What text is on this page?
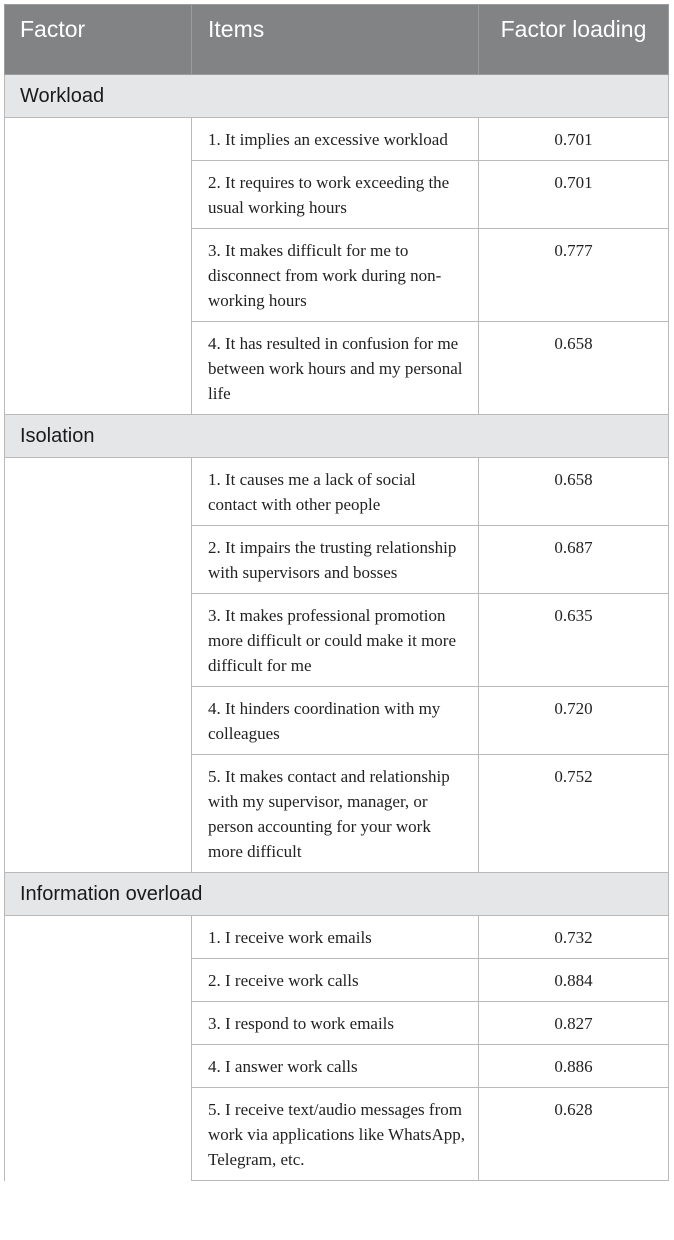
Factor	Items	Factor loading
Workload		
	1. It implies an excessive workload	0.701
	2. It requires to work exceeding the usual working hours	0.701
	3. It makes difficult for me to disconnect from work during non-working hours	0.777
	4. It has resulted in confusion for me between work hours and my personal life	0.658
Isolation		
	1. It causes me a lack of social contact with other people	0.658
	2. It impairs the trusting relationship with supervisors and bosses	0.687
	3. It makes professional promotion more difficult or could make it more difficult for me	0.635
	4. It hinders coordination with my colleagues	0.720
	5. It makes contact and relationship with my supervisor, manager, or person accounting for your work more difficult	0.752
Information overload		
	1. I receive work emails	0.732
	2. I receive work calls	0.884
	3. I respond to work emails	0.827
	4. I answer work calls	0.886
	5. I receive text/audio messages from work via applications like WhatsApp, Telegram, etc.	0.628
